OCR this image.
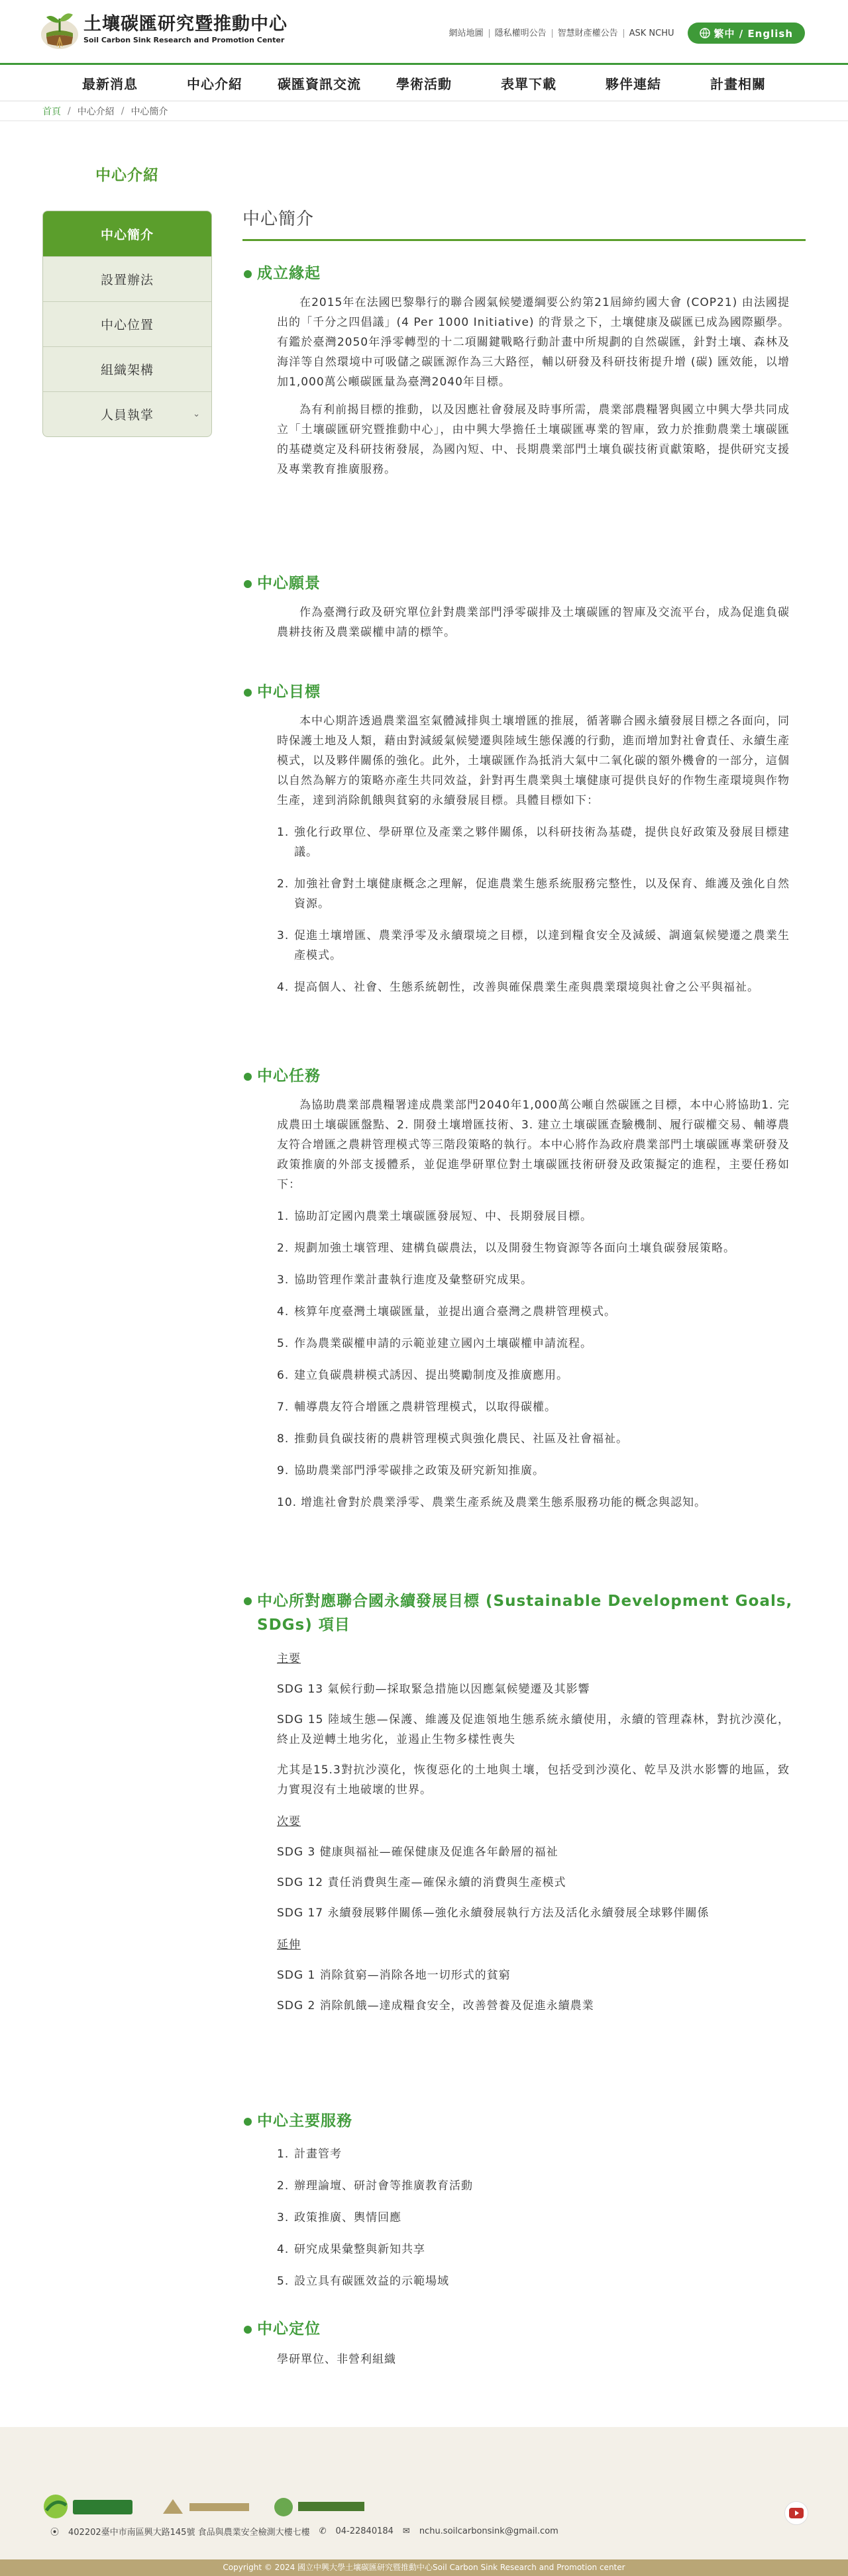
土壤碳匯研究暨推動中心
Soil Carbon Sink Research and Promotion Center
網站地圖	隱私權明公告	智慧財產權公告	ASK NCHU	繁中 / English
最新消息	中心介紹	碳匯資訊交流	學術活動	表單下載	夥伴連結	計畫相關
首頁 / 中心介紹 / 中心簡介
中心介紹
中心簡介
設置辦法
中心位置
組織架構
人員執掌	⌄
中心簡介
成立緣起

在2015年在法國巴黎舉行的聯合國氣候變遷綱要公約第21屆締約國大會 (COP21) 由法國提出的「千分之四倡議」(4 Per 1000 Initiative) 的背景之下，土壤健康及碳匯已成為國際顯學。有鑑於臺灣2050年淨零轉型的十二項關鍵戰略行動計畫中所規劃的自然碳匯，針對土壤、森林及海洋等自然環境中可吸儲之碳匯源作為三大路徑，輔以研發及科研技術提升增 (碳) 匯效能，以增加1,000萬公噸碳匯量為臺灣2040年目標。

為有利前揭目標的推動，以及因應社會發展及時事所需，農業部農糧署與國立中興大學共同成立「土壤碳匯研究暨推動中心」，由中興大學擔任土壤碳匯專業的智庫，致力於推動農業土壤碳匯的基礎奠定及科研技術發展，為國內短、中、長期農業部門土壤負碳技術貢獻策略，提供研究支援及專業教育推廣服務。

中心願景

作為臺灣行政及研究單位針對農業部門淨零碳排及土壤碳匯的智庫及交流平台，成為促進負碳農耕技術及農業碳權申請的標竿。

中心目標

本中心期許透過農業溫室氣體減排與土壤增匯的推展，循著聯合國永續發展目標之各面向，同時保護土地及人類，藉由對減緩氣候變遷與陸域生態保護的行動，進而增加對社會責任、永續生產模式，以及夥伴關係的強化。此外，土壤碳匯作為抵消大氣中二氧化碳的額外機會的一部分，這個以自然為解方的策略亦產生共同效益，針對再生農業與土壤健康可提供良好的作物生產環境與作物生產，達到消除飢餓與貧窮的永續發展目標。具體目標如下：

1. 強化行政單位、學研單位及產業之夥伴關係，以科研技術為基礎，提供良好政策及發展目標建議。
2. 加強社會對土壤健康概念之理解，促進農業生態系統服務完整性，以及保育、維護及強化自然資源。
3. 促進土壤增匯、農業淨零及永續環境之目標，以達到糧食安全及減緩、調適氣候變遷之農業生產模式。
4. 提高個人、社會、生態系統韌性，改善與確保農業生產與農業環境與社會之公平與福祉。
中心任務

為協助農業部農糧署達成農業部門2040年1,000萬公噸自然碳匯之目標，本中心將協助1. 完成農田土壤碳匯盤點、2. 開發土壤增匯技術、3. 建立土壤碳匯查驗機制、履行碳權交易、輔導農友符合增匯之農耕管理模式等三階段策略的執行。本中心將作為政府農業部門土壤碳匯專業研發及政策推廣的外部支援體系，並促進學研單位對土壤碳匯技術研發及政策擬定的進程，主要任務如下：

1. 協助訂定國內農業土壤碳匯發展短、中、長期發展目標。
2. 規劃加強土壤管理、建構負碳農法，以及開發生物資源等各面向土壤負碳發展策略。
3. 協助管理作業計畫執行進度及彙整研究成果。
4. 核算年度臺灣土壤碳匯量，並提出適合臺灣之農耕管理模式。
5. 作為農業碳權申請的示範並建立國內土壤碳權申請流程。
6. 建立負碳農耕模式誘因、提出獎勵制度及推廣應用。
7. 輔導農友符合增匯之農耕管理模式，以取得碳權。
8. 推動員負碳技術的農耕管理模式與強化農民、社區及社會福祉。
9. 協助農業部門淨零碳排之政策及研究新知推廣。
10. 增進社會對於農業淨零、農業生產系統及農業生態系服務功能的概念與認知。
中心所對應聯合國永續發展目標 (Sustainable Development Goals, SDGs) 項目

主要

SDG 13 氣候行動—採取緊急措施以因應氣候變遷及其影響

SDG 15 陸域生態—保護、維護及促進領地生態系統永續使用，永續的管理森林，對抗沙漠化，終止及逆轉土地劣化，並遏止生物多樣性喪失

尤其是15.3對抗沙漠化，恢復惡化的土地與土壤，包括受到沙漠化、乾旱及洪水影響的地區，致力實現沒有土地破壞的世界。

次要

SDG 3 健康與福祉—確保健康及促進各年齡層的福祉

SDG 12 責任消費與生產—確保永續的消費與生產模式

SDG 17 永續發展夥伴關係—強化永續發展執行方法及活化永續發展全球夥伴關係

延伸

SDG 1 消除貧窮—消除各地一切形式的貧窮

SDG 2 消除飢餓—達成糧食安全，改善營養及促進永續農業

中心主要服務
1. 計畫管考
2. 辦理論壇、研討會等推廣教育活動
3. 政策推廣、輿情回應
4. 研究成果彙整與新知共享
5. 設立具有碳匯效益的示範場域
中心定位

學研單位、非營利組織

⦿ 402202臺中市南區興大路145號 食品與農業安全檢測大樓七樓 ✆ 04-22840184 ✉ nchu.soilcarbonsink@gmail.com
Copyright © 2024 國立中興大學土壤碳匯研究暨推動中心Soil Carbon Sink Research and Promotion center
